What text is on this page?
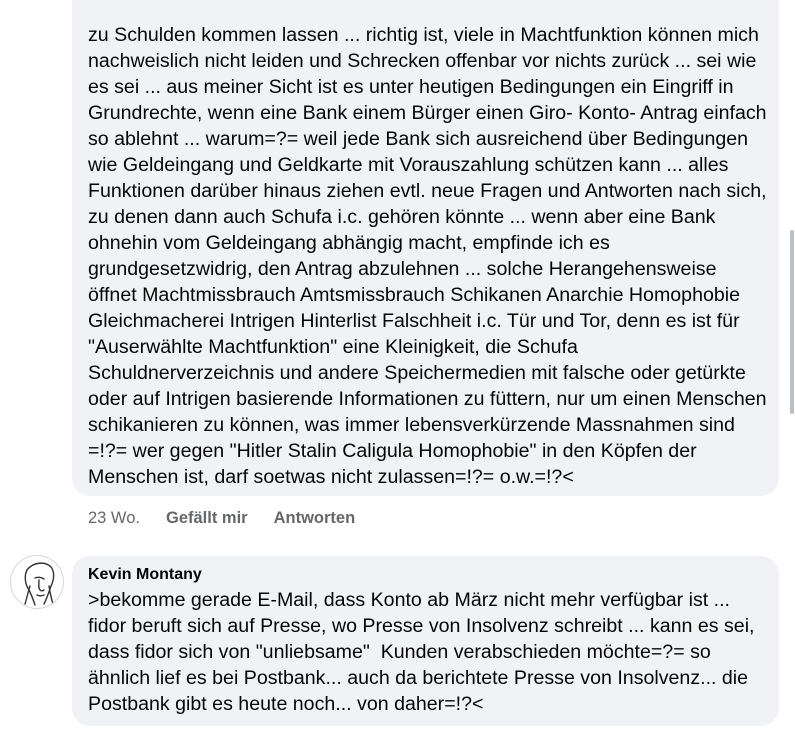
zu Schulden kommen lassen ... richtig ist, viele in Machtfunktion können mich nachweislich nicht leiden und Schrecken offenbar vor nichts zurück ... sei wie es sei ... aus meiner Sicht ist es unter heutigen Bedingungen ein Eingriff in Grundrechte, wenn eine Bank einem Bürger einen Giro- Konto- Antrag einfach so ablehnt ... warum=?= weil jede Bank sich ausreichend über Bedingungen wie Geldeingang und Geldkarte mit Vorauszahlung schützen kann ... alles Funktionen darüber hinaus ziehen evtl. neue Fragen und Antworten nach sich, zu denen dann auch Schufa i.c. gehören könnte ... wenn aber eine Bank ohnehin vom Geldeingang abhängig macht, empfinde ich es grundgesetzwidrig, den Antrag abzulehnen ... solche Herangehensweise öffnet Machtmissbrauch Amtsmissbrauch Schikanen Anarchie Homophobie Gleichmacherei Intrigen Hinterlist Falschheit i.c. Tür und Tor, denn es ist für "Auserwählte Machtfunktion" eine Kleinigkeit, die Schufa Schuldnerverzeichnis und andere Speichermedien mit falsche oder getürkte oder auf Intrigen basierende Informationen zu füttern, nur um einen Menschen schikanieren zu können, was immer lebensverkürzende Massnahmen sind =!?= wer gegen "Hitler Stalin Caligula Homophobie" in den Köpfen der Menschen ist, darf soetwas nicht zulassen=!?= o.w.=!?<
23 Wo. Gefällt mir Antworten
Kevin Montany
>bekomme gerade E-Mail, dass Konto ab März nicht mehr verfügbar ist ... fidor beruft sich auf Presse, wo Presse von Insolvenz schreibt ... kann es sei, dass fidor sich von "unliebsame"  Kunden verabschieden möchte=?= so ähnlich lief es bei Postbank... auch da berichtete Presse von Insolvenz... die Postbank gibt es heute noch... von daher=!?<
